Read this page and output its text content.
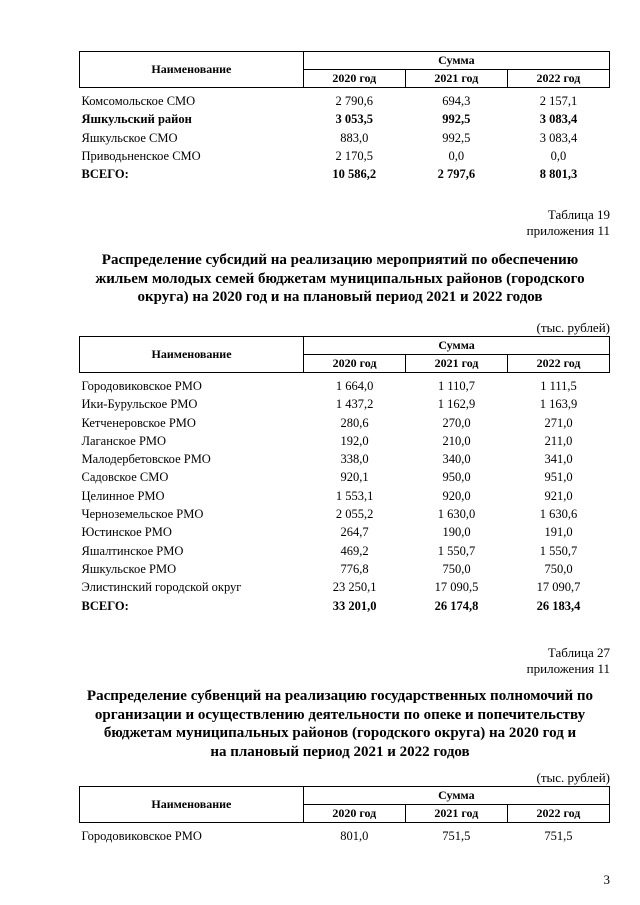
Наименование	Сумма		
	2020 год	2021 год	2022 год
Комсомольское СМО	2 790,6	694,3	2 157,1
Яшкульский район	3 053,5	992,5	3 083,4
Яшкульское СМО	883,0	992,5	3 083,4
Приводьненское СМО	2 170,5	0,0	0,0
ВСЕГО:	10 586,2	2 797,6	8 801,3
Таблица 19
приложения 11
Распределение субсидий на реализацию мероприятий по обеспечению
жильем молодых семей бюджетам муниципальных районов (городского
округа) на 2020 год и на плановый период 2021 и 2022 годов
(тыс. рублей)
Наименование	Сумма		
	2020 год	2021 год	2022 год
Городовиковское РМО	1 664,0	1 110,7	1 111,5
Ики-Бурульское РМО	1 437,2	1 162,9	1 163,9
Кетченеровское РМО	280,6	270,0	271,0
Лаганское РМО	192,0	210,0	211,0
Малодербетовское РМО	338,0	340,0	341,0
Садовское СМО	920,1	950,0	951,0
Целинное РМО	1 553,1	920,0	921,0
Черноземельское РМО	2 055,2	1 630,0	1 630,6
Юстинское РМО	264,7	190,0	191,0
Яшалтинское РМО	469,2	1 550,7	1 550,7
Яшкульское РМО	776,8	750,0	750,0
Элистинский городской округ	23 250,1	17 090,5	17 090,7
ВСЕГО:	33 201,0	26 174,8	26 183,4
Таблица 27
приложения 11
Распределение субвенций на реализацию государственных полномочий по
организации и осуществлению деятельности по опеке и попечительству
бюджетам муниципальных районов (городского округа) на 2020 год и
на плановый период 2021 и 2022 годов
(тыс. рублей)
Наименование	Сумма		
	2020 год	2021 год	2022 год
Городовиковское РМО	801,0	751,5	751,5
3
